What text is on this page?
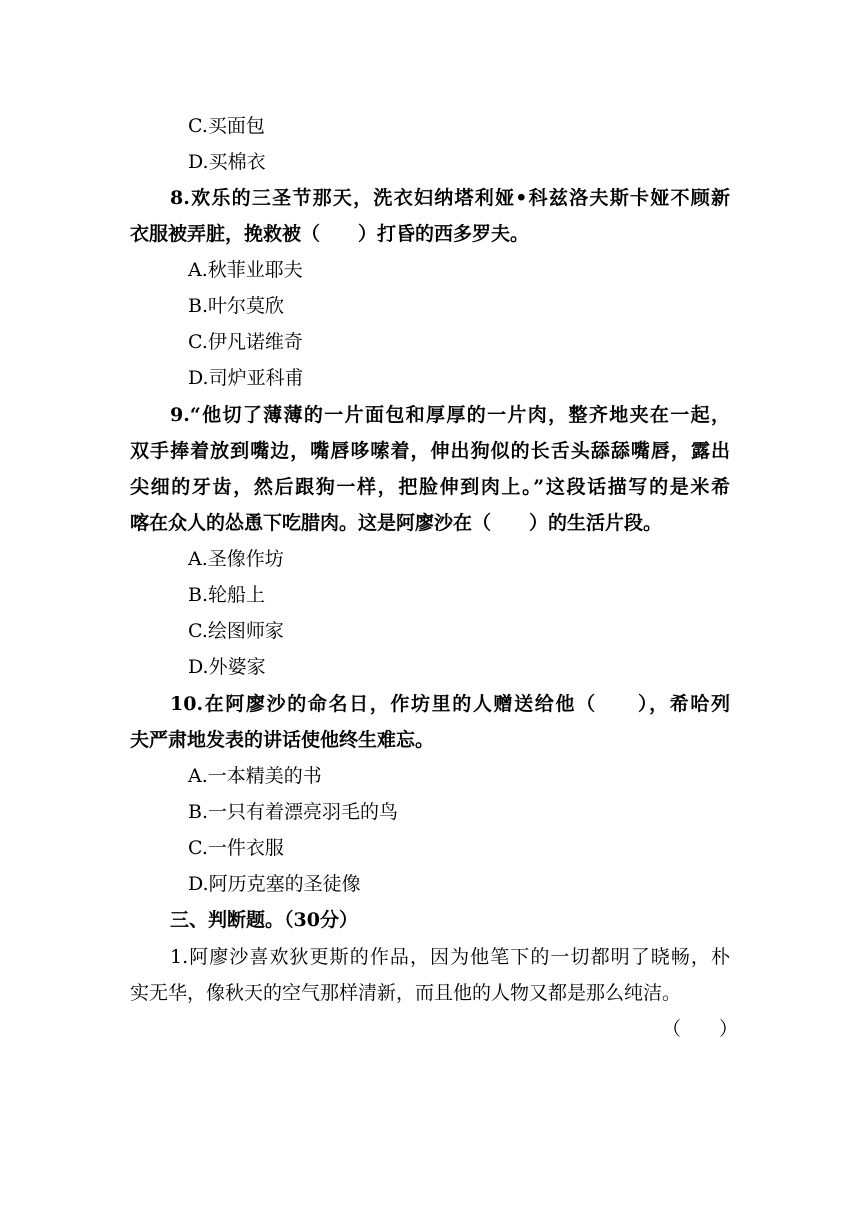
C.买面包
D.买棉衣
8.欢乐的三圣节那天，洗衣妇纳塔利娅•科兹洛夫斯卡娅不顾新
衣服被弄脏，挽救被（　　）打昏的西多罗夫。
A.秋菲业耶夫
B.叶尔莫欣
C.伊凡诺维奇
D.司炉亚科甫
9.“他切了薄薄的一片面包和厚厚的一片肉，整齐地夹在一起，
双手捧着放到嘴边，嘴唇哆嗦着，伸出狗似的长舌头舔舔嘴唇，露出
尖细的牙齿，然后跟狗一样，把脸伸到肉上。”这段话描写的是米希
喀在众人的怂恿下吃腊肉。这是阿廖沙在（　　）的生活片段。
A.圣像作坊
B.轮船上
C.绘图师家
D.外婆家
10.在阿廖沙的命名日，作坊里的人赠送给他（　　），希哈列
夫严肃地发表的讲话使他终生难忘。
A.一本精美的书
B.一只有着漂亮羽毛的鸟
C.一件衣服
D.阿历克塞的圣徒像
三、判断题。（30分）
1.阿廖沙喜欢狄更斯的作品，因为他笔下的一切都明了晓畅，朴
实无华，像秋天的空气那样清新，而且他的人物又都是那么纯洁。
（　　）
